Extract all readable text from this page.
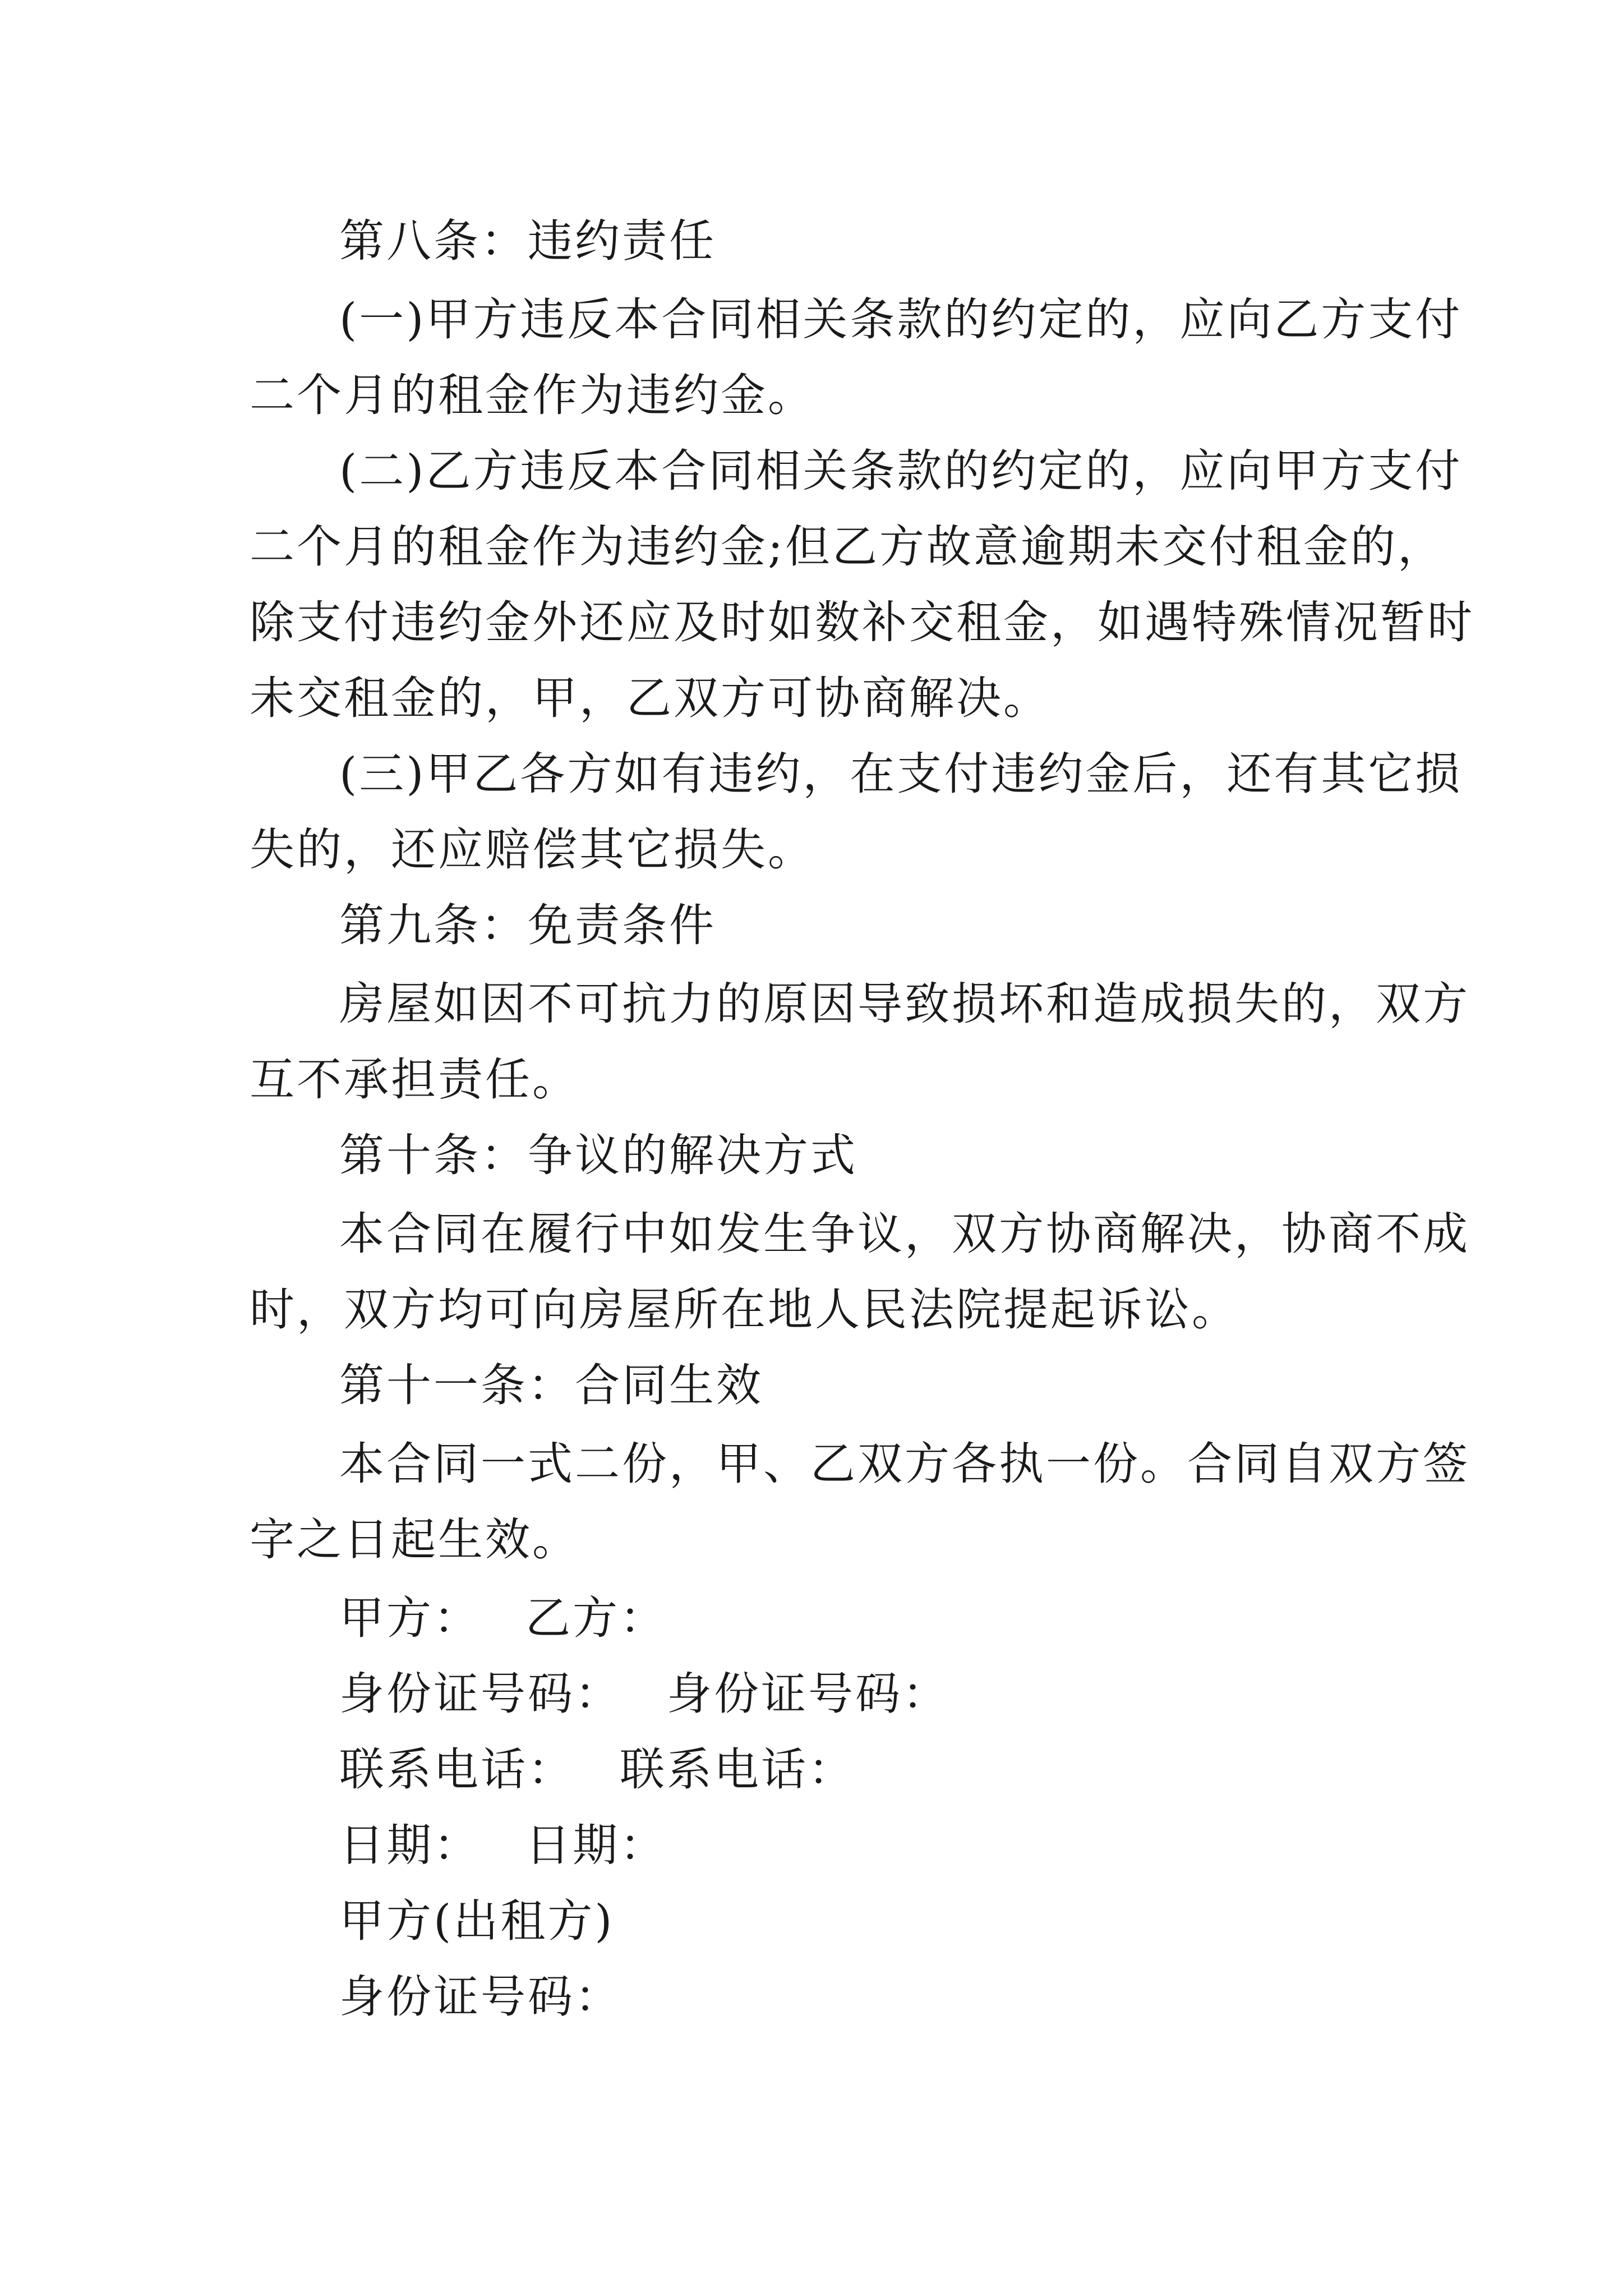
第八条：违约责任
(一)甲方违反本合同相关条款的约定的，应向乙方支付
二个月的租金作为违约金。
(二)乙方违反本合同相关条款的约定的，应向甲方支付
二个月的租金作为违约金;但乙方故意逾期未交付租金的，
除支付违约金外还应及时如数补交租金，如遇特殊情况暂时
未交租金的，甲，乙双方可协商解决。
(三)甲乙各方如有违约，在支付违约金后，还有其它损
失的，还应赔偿其它损失。
第九条：免责条件
房屋如因不可抗力的原因导致损坏和造成损失的，双方
互不承担责任。
第十条：争议的解决方式
本合同在履行中如发生争议，双方协商解决，协商不成
时，双方均可向房屋所在地人民法院提起诉讼。
第十一条：合同生效
本合同一式二份，甲、乙双方各执一份。合同自双方签
字之日起生效。
甲方： 乙方：
身份证号码： 身份证号码：
联系电话： 联系电话：
日期： 日期：
甲方(出租方)
身份证号码：
